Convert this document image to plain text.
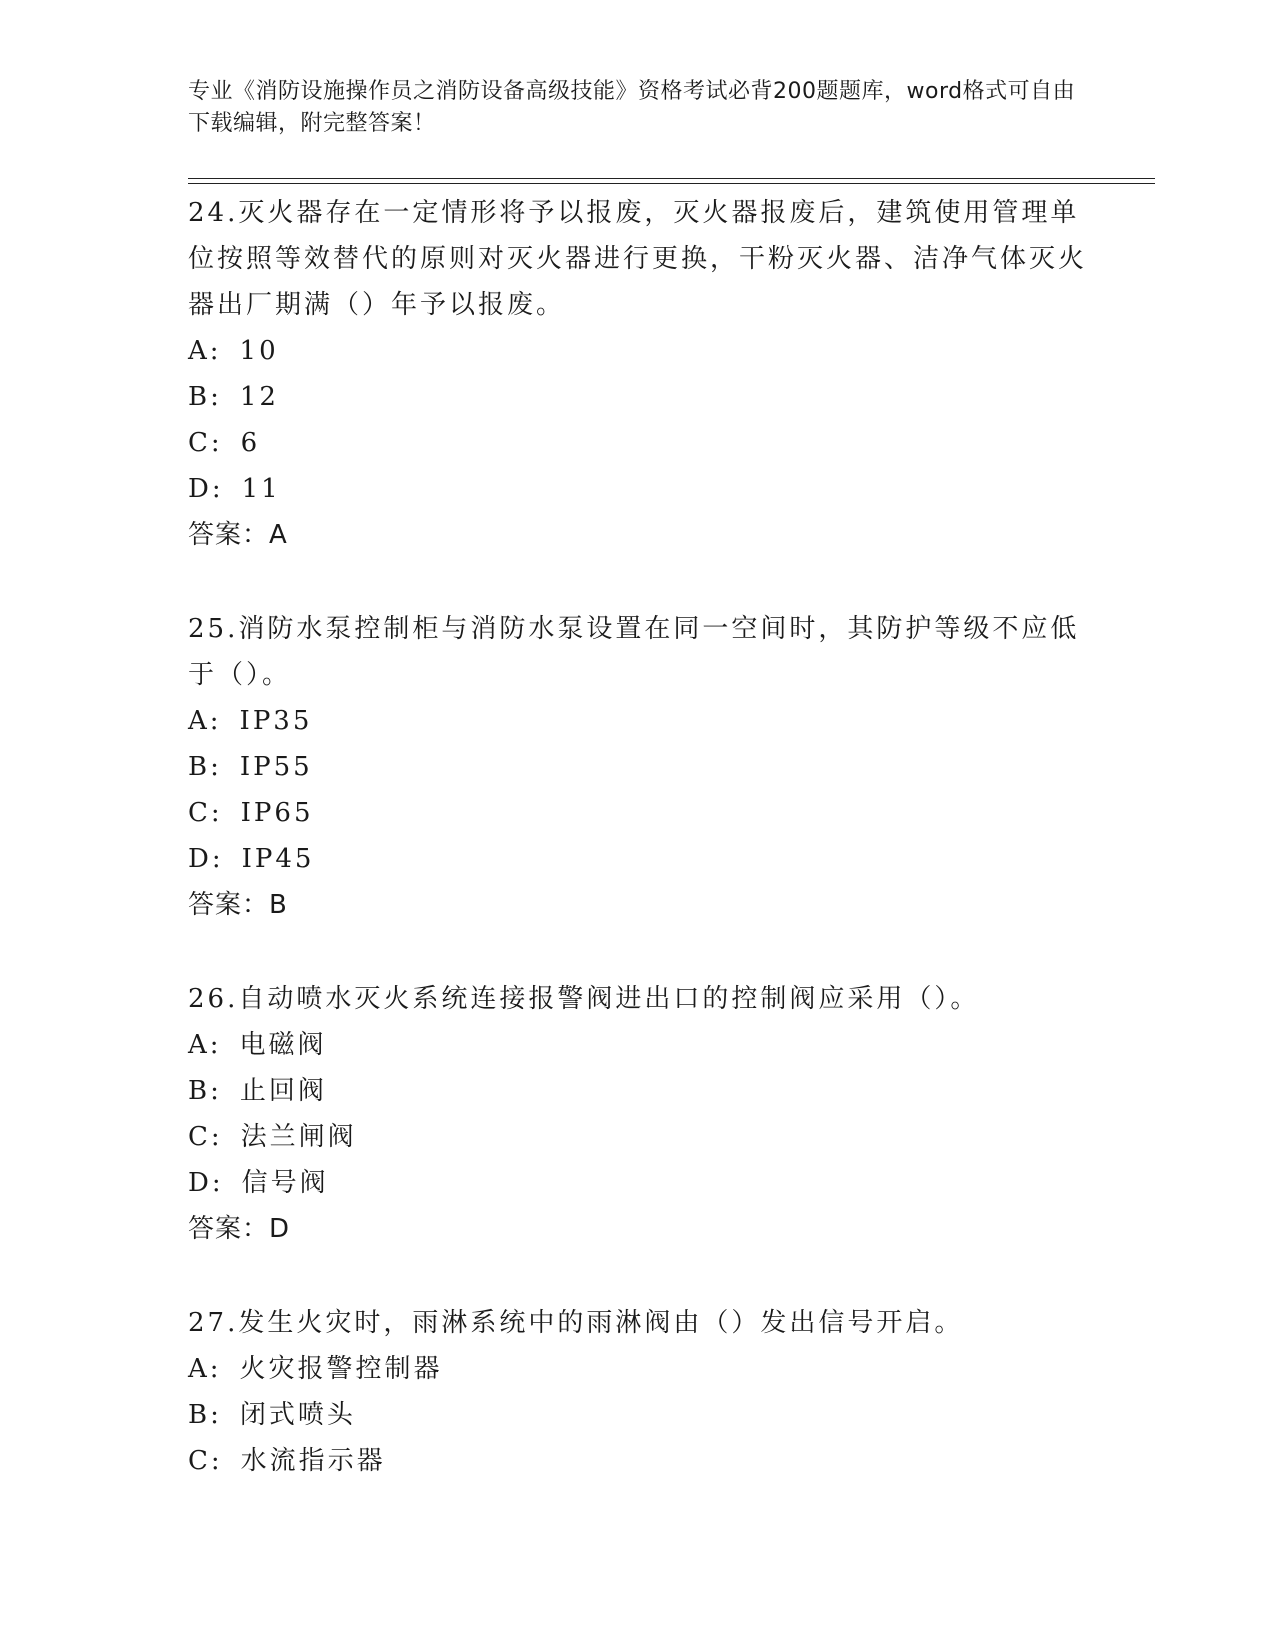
专业《消防设施操作员之消防设备高级技能》资格考试必背200题题库，word格式可自由下载编辑，附完整答案！
24.灭火器存在一定情形将予以报废，灭火器报废后，建筑使用管理单位按照等效替代的原则对灭火器进行更换，干粉灭火器、洁净气体灭火器出厂期满（）年予以报废。
A: 10
B: 12
C: 6
D: 11
答案：A
25.消防水泵控制柜与消防水泵设置在同一空间时，其防护等级不应低于（）。
A: IP35
B: IP55
C: IP65
D: IP45
答案：B
26.自动喷水灭火系统连接报警阀进出口的控制阀应采用（）。
A: 电磁阀
B: 止回阀
C: 法兰闸阀
D: 信号阀
答案：D
27.发生火灾时，雨淋系统中的雨淋阀由（）发出信号开启。
A: 火灾报警控制器
B: 闭式喷头
C: 水流指示器
